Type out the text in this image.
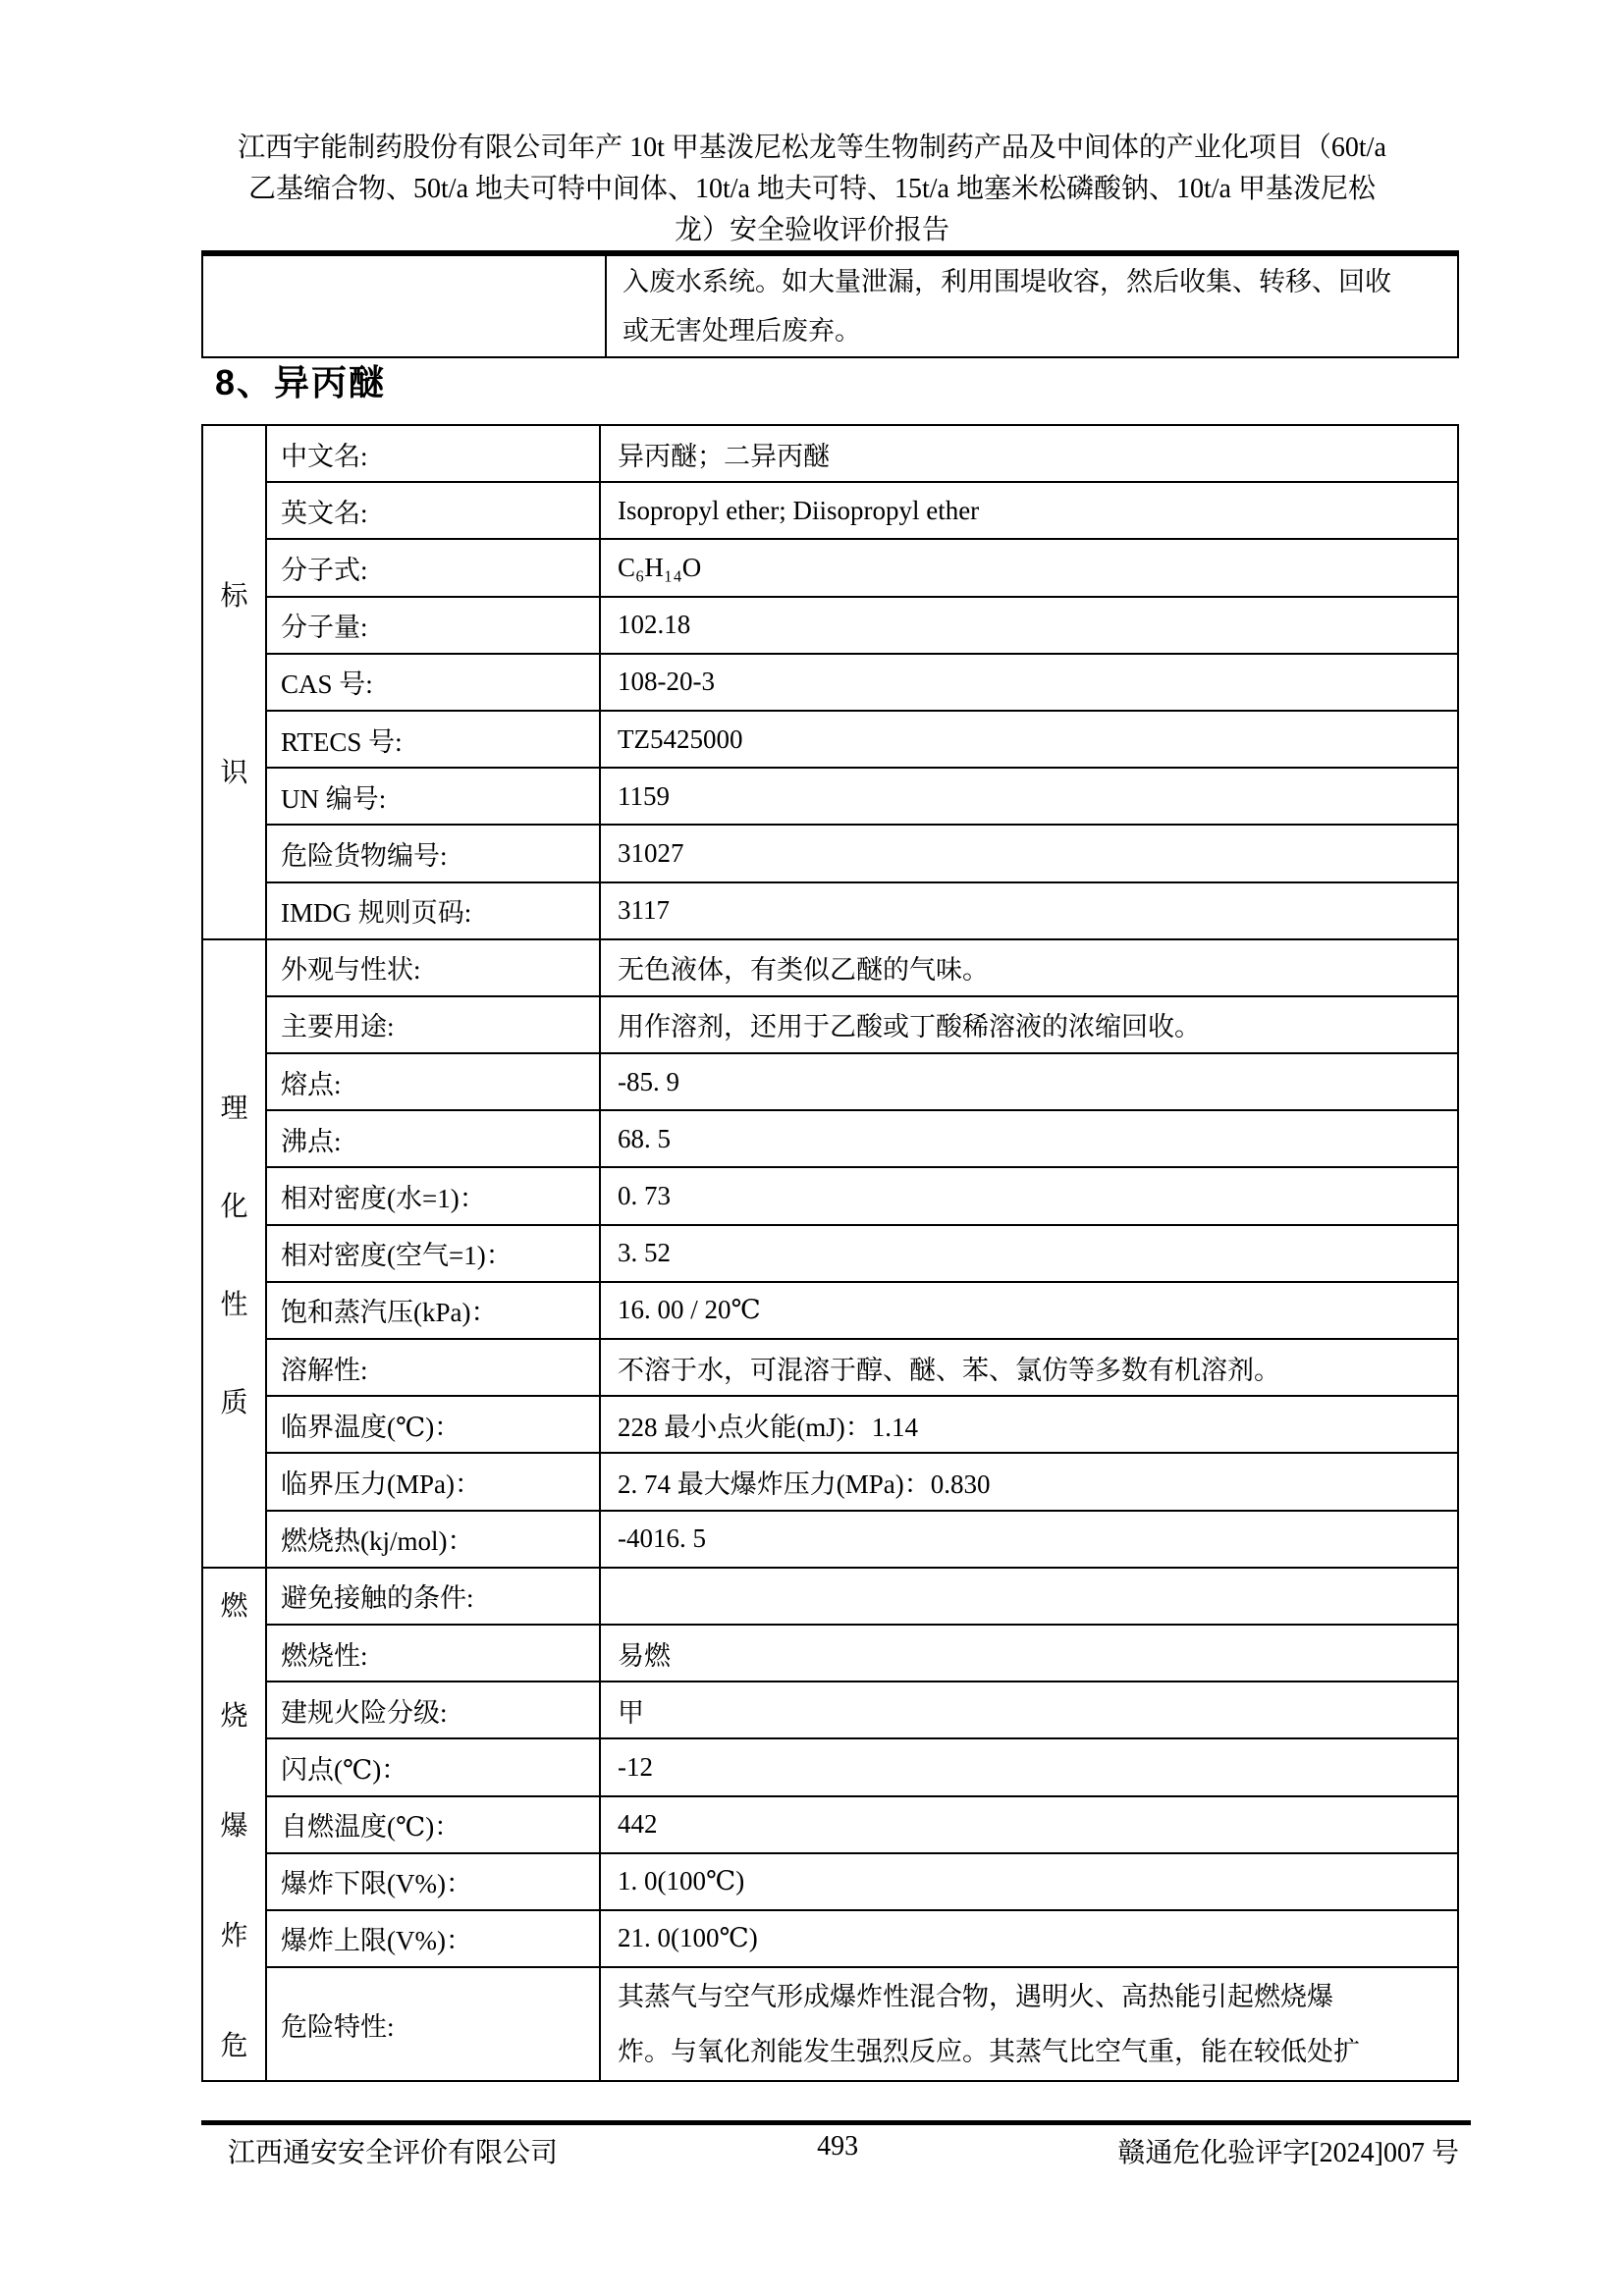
江西宇能制药股份有限公司年产 10t 甲基泼尼松龙等生物制药产品及中间体的产业化项目（60t/a
乙基缩合物、50t/a 地夫可特中间体、10t/a 地夫可特、15t/a 地塞米松磷酸钠、10t/a 甲基泼尼松
龙）安全验收评价报告
入废水系统。如大量泄漏，利用围堤收容，然后收集、转移、回收
或无害处理后废弃。
8、异丙醚
标
识
中文名:	异丙醚；二异丙醚
英文名:	Isopropyl ether; Diisopropyl ether
分子式:	C₆H₁₄O
分子量:	102.18
CAS 号:	108-20-3
RTECS 号:	TZ5425000
UN 编号:	1159
危险货物编号:	31027
IMDG 规则页码:	3117
理
化
性
质
外观与性状:	无色液体，有类似乙醚的气味。
主要用途:	用作溶剂，还用于乙酸或丁酸稀溶液的浓缩回收。
熔点:	-85. 9
沸点:	68. 5
相对密度(水=1)：	0. 73
相对密度(空气=1)：	3. 52
饱和蒸汽压(kPa)：	16. 00 / 20℃
溶解性:	不溶于水，可混溶于醇、醚、苯、氯仿等多数有机溶剂。
临界温度(℃)：	228 最小点火能(mJ)：1.14
临界压力(MPa)：	2. 74 最大爆炸压力(MPa)：0.830
燃烧热(kj/mol)：	-4016. 5
燃
烧
爆
炸
危
避免接触的条件:
燃烧性:	易燃
建规火险分级:	甲
闪点(℃)：	-12
自燃温度(℃)：	442
爆炸下限(V%)：	1. 0(100℃)
爆炸上限(V%)：	21. 0(100℃)
危险特性:
其蒸气与空气形成爆炸性混合物，遇明火、高热能引起燃烧爆
炸。与氧化剂能发生强烈反应。其蒸气比空气重，能在较低处扩
江西通安安全评价有限公司	493	赣通危化验评字[2024]007 号
